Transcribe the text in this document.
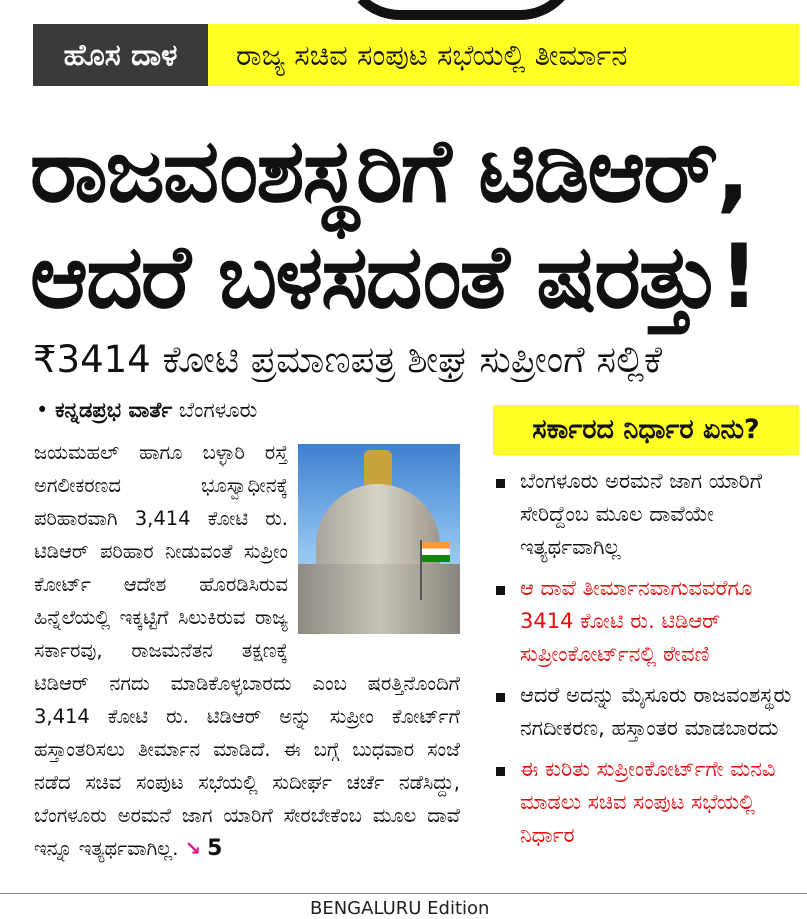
ಹೊಸ ದಾಳ	ರಾಜ್ಯ ಸಚಿವ ಸಂಪುಟ ಸಭೆಯಲ್ಲಿ ತೀರ್ಮಾನ
ರಾಜವಂಶಸ್ಥರಿಗೆ ಟಿಡಿಆರ್,
ಆದರೆ ಬಳಸದಂತೆ ಷರತ್ತು!
₹3414 ಕೋಟಿ ಪ್ರಮಾಣಪತ್ರ ಶೀಘ್ರ ಸುಪ್ರೀಂಗೆ ಸಲ್ಲಿಕೆ
• ಕನ್ನಡಪ್ರಭ ವಾರ್ತೆ ಬೆಂಗಳೂರು
ಜಯಮಹಲ್ ಹಾಗೂ ಬಳ್ಳಾರಿ ರಸ್ತೆ ಅಗಲೀಕರಣದ ಭೂಸ್ವಾಧೀನಕ್ಕೆ ಪರಿಹಾರವಾಗಿ 3,414 ಕೋಟಿ ರು. ಟಿಡಿಆರ್ ಪರಿಹಾರ ನೀಡುವಂತೆ ಸುಪ್ರೀಂ ಕೋರ್ಟ್ ಆದೇಶ ಹೊರಡಿಸಿರುವ ಹಿನ್ನೆಲೆಯಲ್ಲಿ ಇಕ್ಕಟ್ಟಿಗೆ ಸಿಲುಕಿರುವ ರಾಜ್ಯ ಸರ್ಕಾರವು, ರಾಜಮನೆತನ ತಕ್ಷಣಕ್ಕೆ ಟಿಡಿಆರ್ ನಗದು ಮಾಡಿಕೊಳ್ಳಬಾರದು ಎಂಬ ಷರತ್ತಿನೊಂದಿಗೆ 3,414 ಕೋಟಿ ರು. ಟಿಡಿಆರ್ ಅನ್ನು ಸುಪ್ರೀಂ ಕೋರ್ಟ್‌ಗೆ ಹಸ್ತಾಂತರಿಸಲು ತೀರ್ಮಾನ ಮಾಡಿದೆ. ಈ ಬಗ್ಗೆ ಬುಧವಾರ ಸಂಜೆ ನಡೆದ ಸಚಿವ ಸಂಪುಟ ಸಭೆಯಲ್ಲಿ ಸುದೀರ್ಘ ಚರ್ಚೆ ನಡೆಸಿದ್ದು, ಬೆಂಗಳೂರು ಅರಮನೆ ಜಾಗ ಯಾರಿಗೆ ಸೇರಬೇಕೆಂಬ ಮೂಲ ದಾವೆ ಇನ್ನೂ ಇತ್ಯರ್ಥವಾಗಿಲ್ಲ. ↘ 5
ಸರ್ಕಾರದ ನಿರ್ಧಾರ ಏನು?
ಬೆಂಗಳೂರು ಅರಮನೆ ಜಾಗ ಯಾರಿಗೆ ಸೇರಿದ್ದೆಂಬ ಮೂಲ ದಾವೆಯೇ ಇತ್ಯರ್ಥವಾಗಿಲ್ಲ
ಆ ದಾವೆ ತೀರ್ಮಾನವಾಗುವವರೆಗೂ 3414 ಕೋಟಿ ರು. ಟಿಡಿಆರ್ ಸುಪ್ರೀಂಕೋರ್ಟ್‌ನಲ್ಲಿ ಠೇವಣಿ
ಆದರೆ ಅದನ್ನು ಮೈಸೂರು ರಾಜವಂಶಸ್ಥರು ನಗದೀಕರಣ, ಹಸ್ತಾಂತರ ಮಾಡಬಾರದು
ಈ ಕುರಿತು ಸುಪ್ರೀಂಕೋರ್ಟ್‌ಗೇ ಮನವಿ ಮಾಡಲು ಸಚಿವ ಸಂಪುಟ ಸಭೆಯಲ್ಲಿ ನಿರ್ಧಾರ
BENGALURU Edition
